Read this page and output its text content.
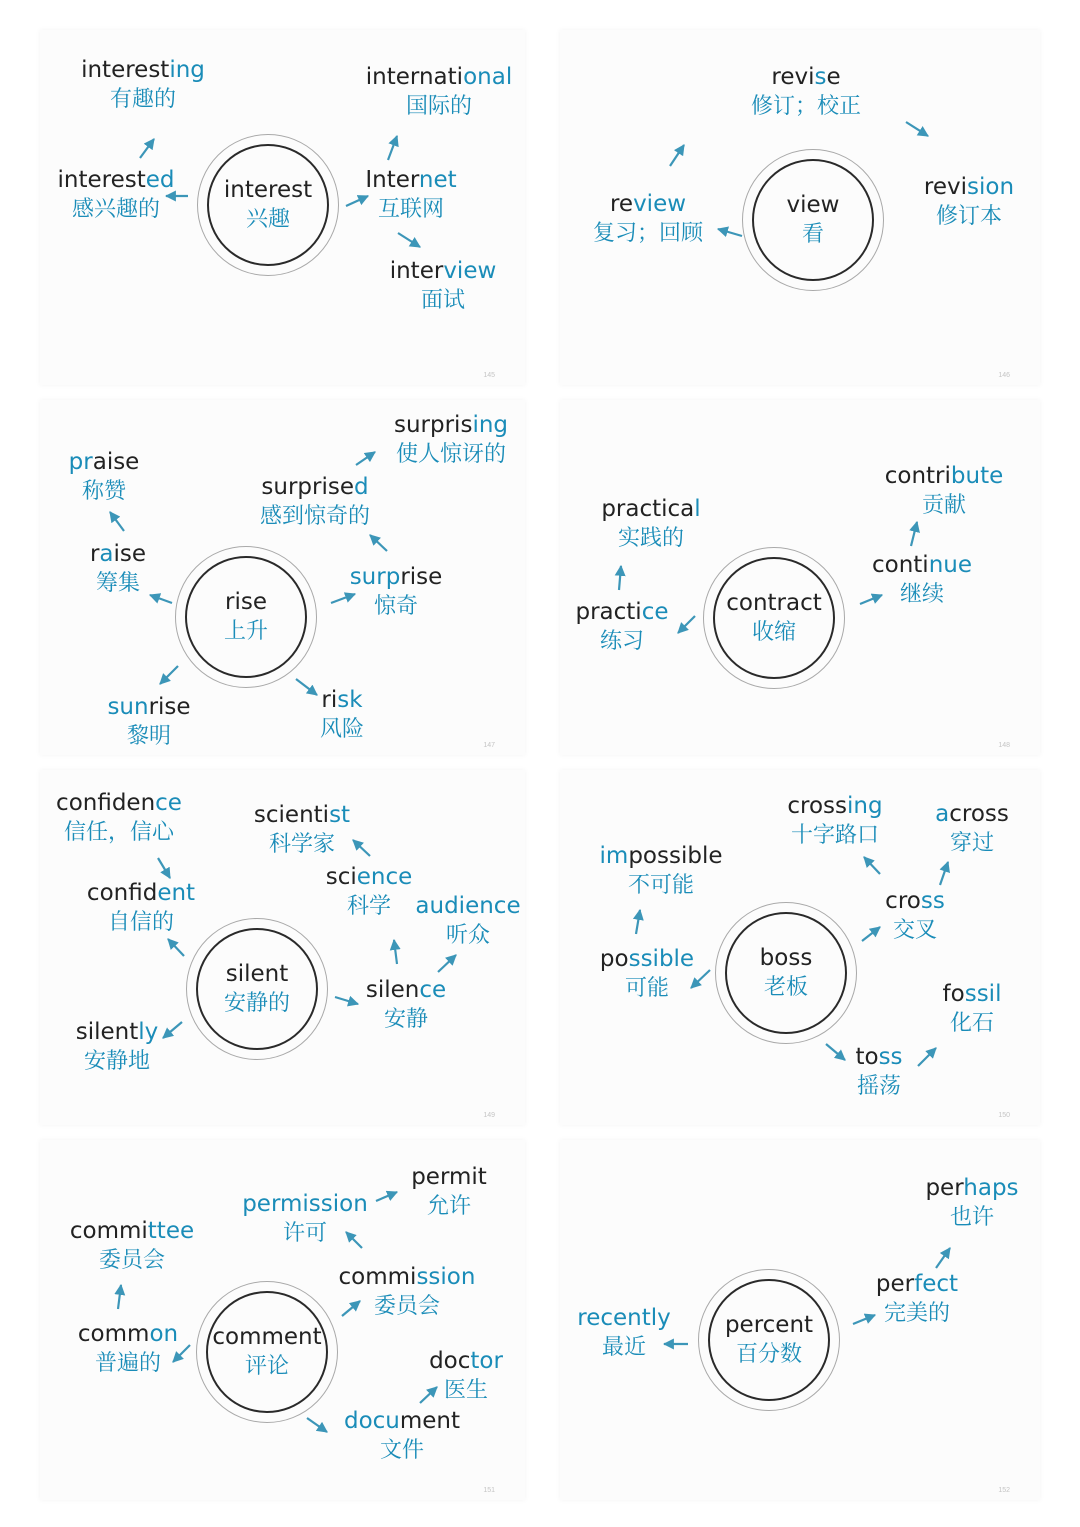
145	146
147	148
149	150
151	152
interest
兴趣
interesting
有趣的
interested
感兴趣的
international
国际的
Internet
互联网
interview
面试
view
看
revise
修订；校正
review
复习；回顾
revision
修订本
rise
上升
surprising
使人惊讶的
praise
称赞	surprised
感到惊奇的
raise
筹集	surprise
惊奇
sunrise
黎明
risk
风险
contract
收缩
contribute
贡献
practical
实践的
continue
继续
practice
练习
silent
安静的
confidence
信任，信心
scientist
科学家
science
科学
confident
自信的
audience
听众
silence
安静
silently
安静地
boss
老板
crossing
十字路口
across
穿过
impossible
不可能
cross
交叉
possible
可能	fossil
化石
toss
摇荡
comment
评论
permit
允许
permission
许可
committee
委员会
commission
委员会
common
普遍的	doctor
医生
document
文件
percent
百分数
perhaps
也许
perfect
完美的
recently
最近
